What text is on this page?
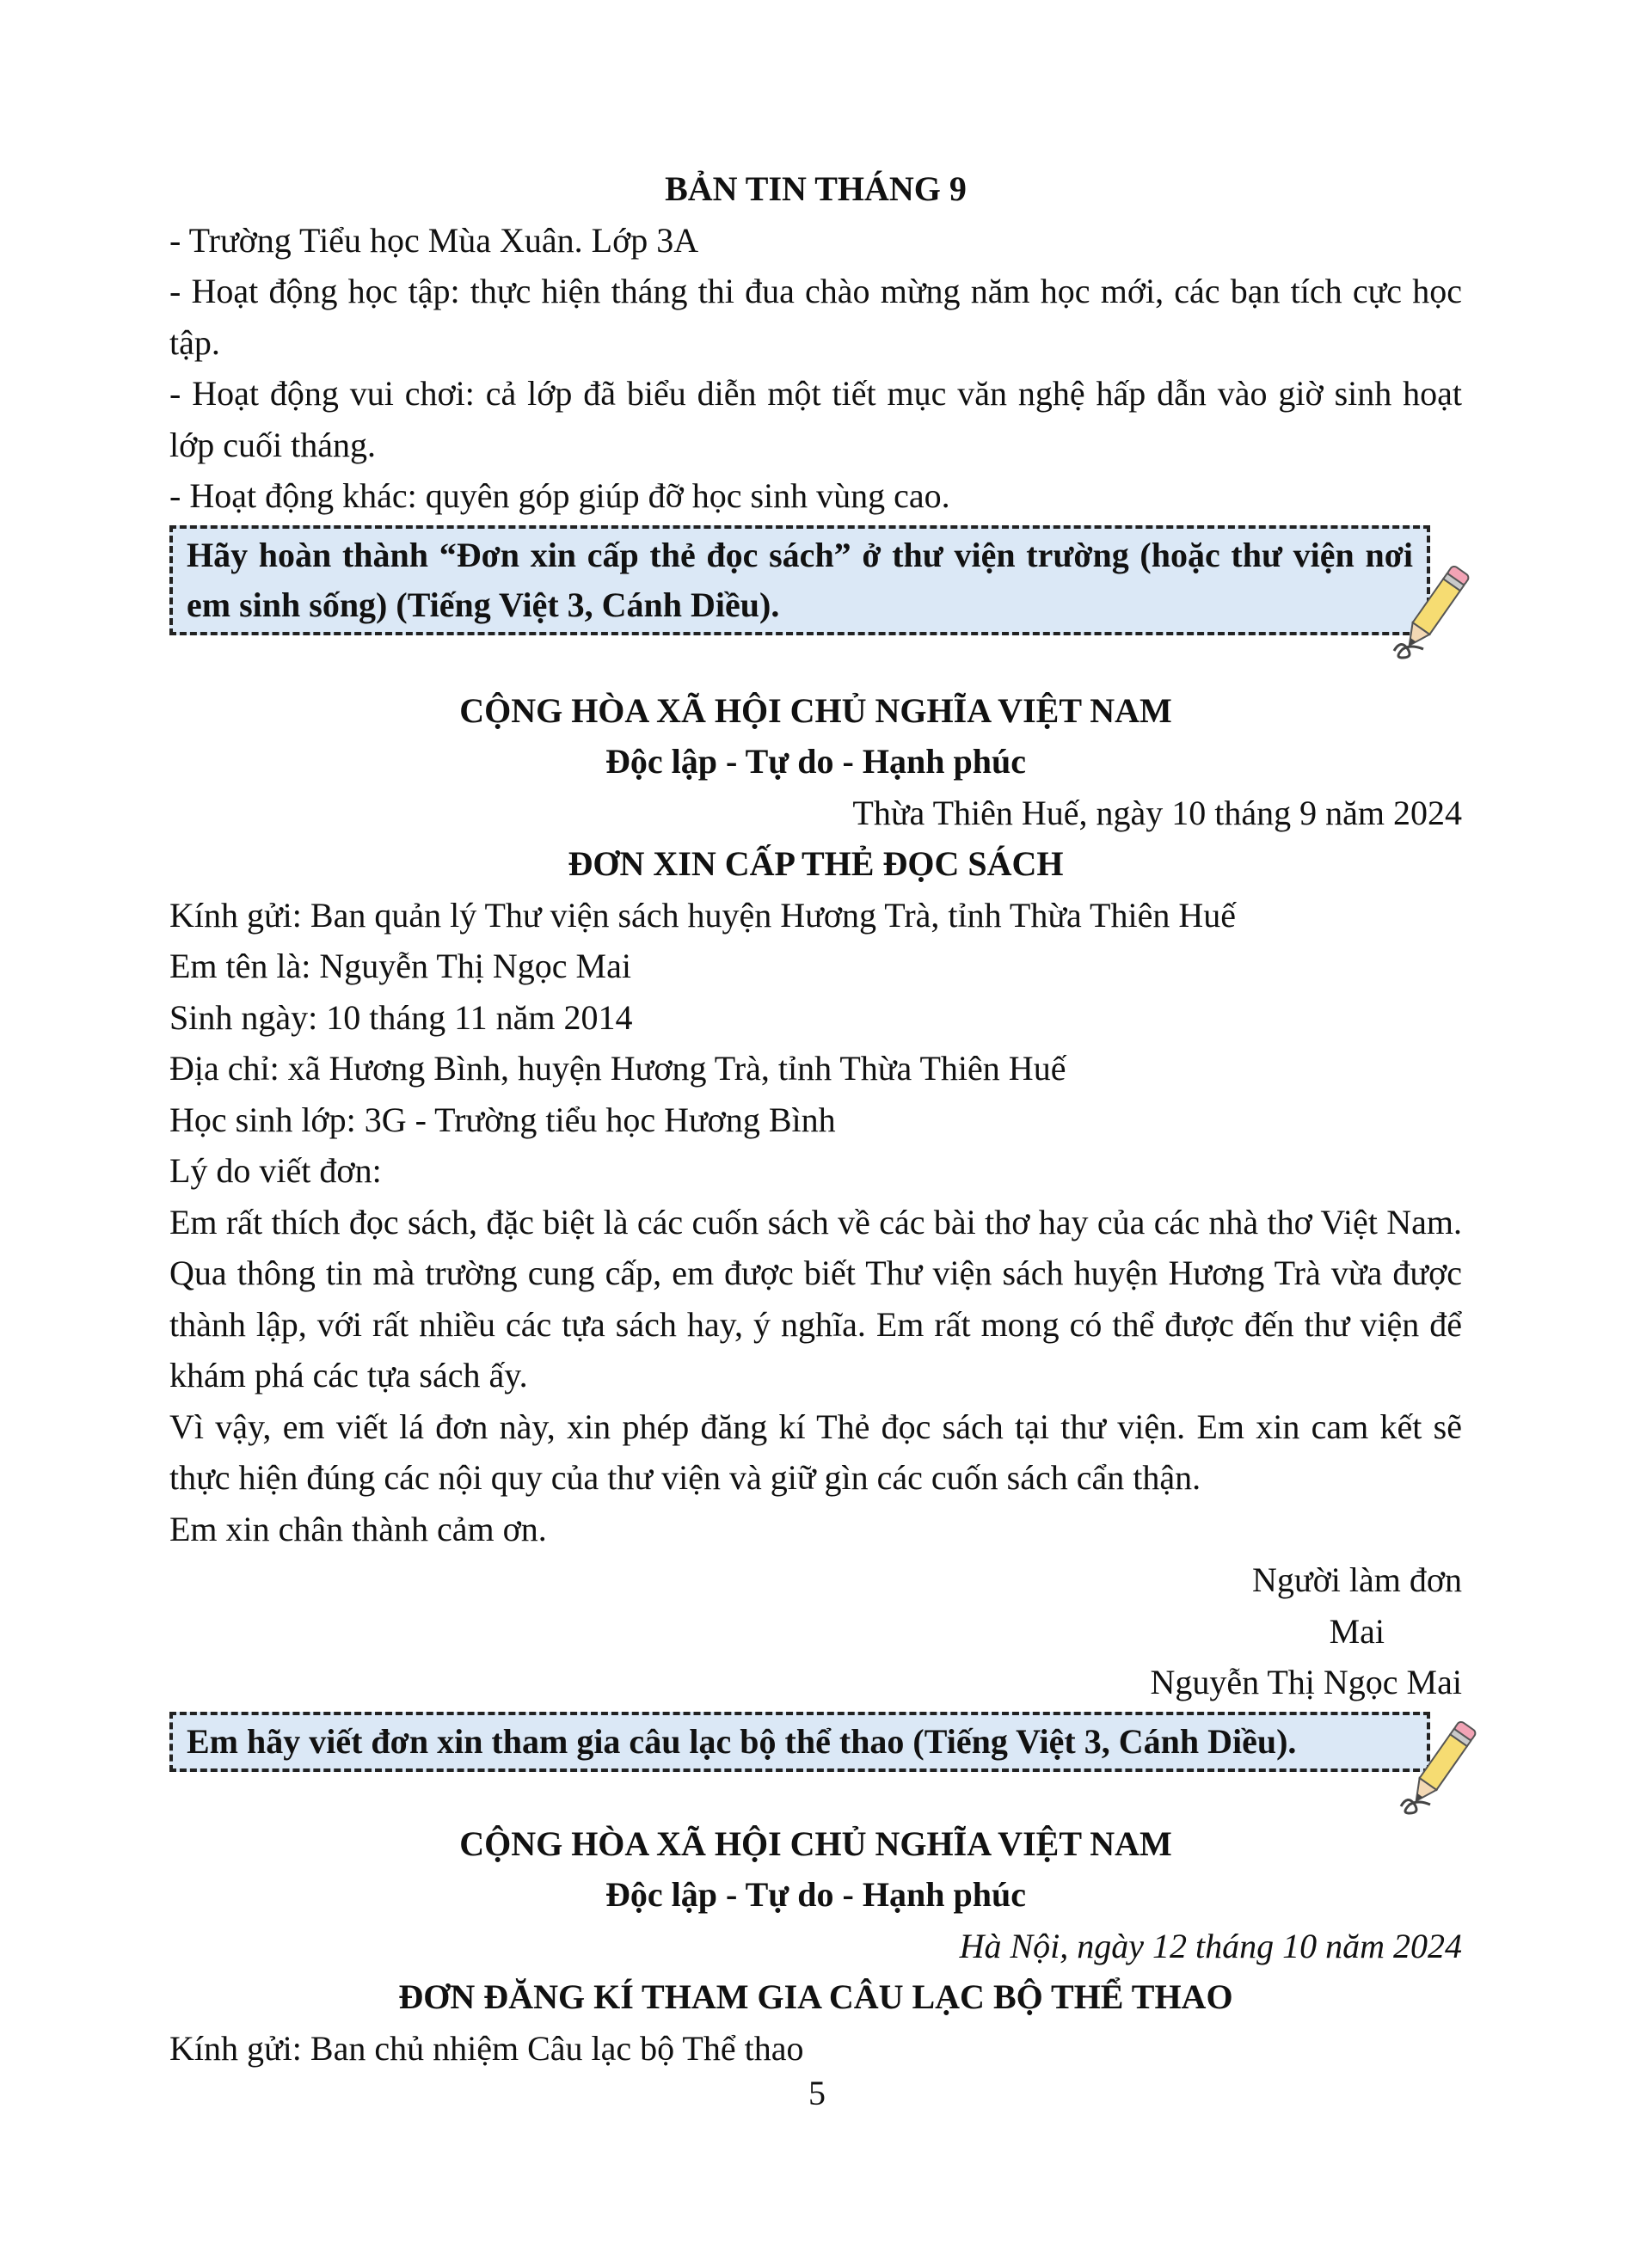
BẢN TIN THÁNG 9

- Trường Tiểu học Mùa Xuân. Lớp 3A

- Hoạt động học tập: thực hiện tháng thi đua chào mừng năm học mới, các bạn tích cực học tập.

- Hoạt động vui chơi: cả lớp đã biểu diễn một tiết mục văn nghệ hấp dẫn vào giờ sinh hoạt lớp cuối tháng.

- Hoạt động khác: quyên góp giúp đỡ học sinh vùng cao.

Hãy hoàn thành “Đơn xin cấp thẻ đọc sách” ở thư viện trường (hoặc thư viện nơi em sinh sống) (Tiếng Việt 3, Cánh Diều).

CỘNG HÒA XÃ HỘI CHỦ NGHĨA VIỆT NAM

Độc lập - Tự do - Hạnh phúc

Thừa Thiên Huế, ngày 10 tháng 9 năm 2024

ĐƠN XIN CẤP THẺ ĐỌC SÁCH

Kính gửi: Ban quản lý Thư viện sách huyện Hương Trà, tỉnh Thừa Thiên Huế

Em tên là: Nguyễn Thị Ngọc Mai

Sinh ngày: 10 tháng 11 năm 2014

Địa chỉ: xã Hương Bình, huyện Hương Trà, tỉnh Thừa Thiên Huế

Học sinh lớp: 3G - Trường tiểu học Hương Bình

Lý do viết đơn:

Em rất thích đọc sách, đặc biệt là các cuốn sách về các bài thơ hay của các nhà thơ Việt Nam. Qua thông tin mà trường cung cấp, em được biết Thư viện sách huyện Hương Trà vừa được thành lập, với rất nhiều các tựa sách hay, ý nghĩa. Em rất mong có thể được đến thư viện để khám phá các tựa sách ấy.

Vì vậy, em viết lá đơn này, xin phép đăng kí Thẻ đọc sách tại thư viện. Em xin cam kết sẽ thực hiện đúng các nội quy của thư viện và giữ gìn các cuốn sách cẩn thận.

Em xin chân thành cảm ơn.

Người làm đơn

Mai

Nguyễn Thị Ngọc Mai

Em hãy viết đơn xin tham gia câu lạc bộ thể thao (Tiếng Việt 3, Cánh Diều).

CỘNG HÒA XÃ HỘI CHỦ NGHĨA VIỆT NAM

Độc lập - Tự do - Hạnh phúc

Hà Nội, ngày 12 tháng 10 năm 2024

ĐƠN ĐĂNG KÍ THAM GIA CÂU LẠC BỘ THỂ THAO

Kính gửi: Ban chủ nhiệm Câu lạc bộ Thể thao

5
